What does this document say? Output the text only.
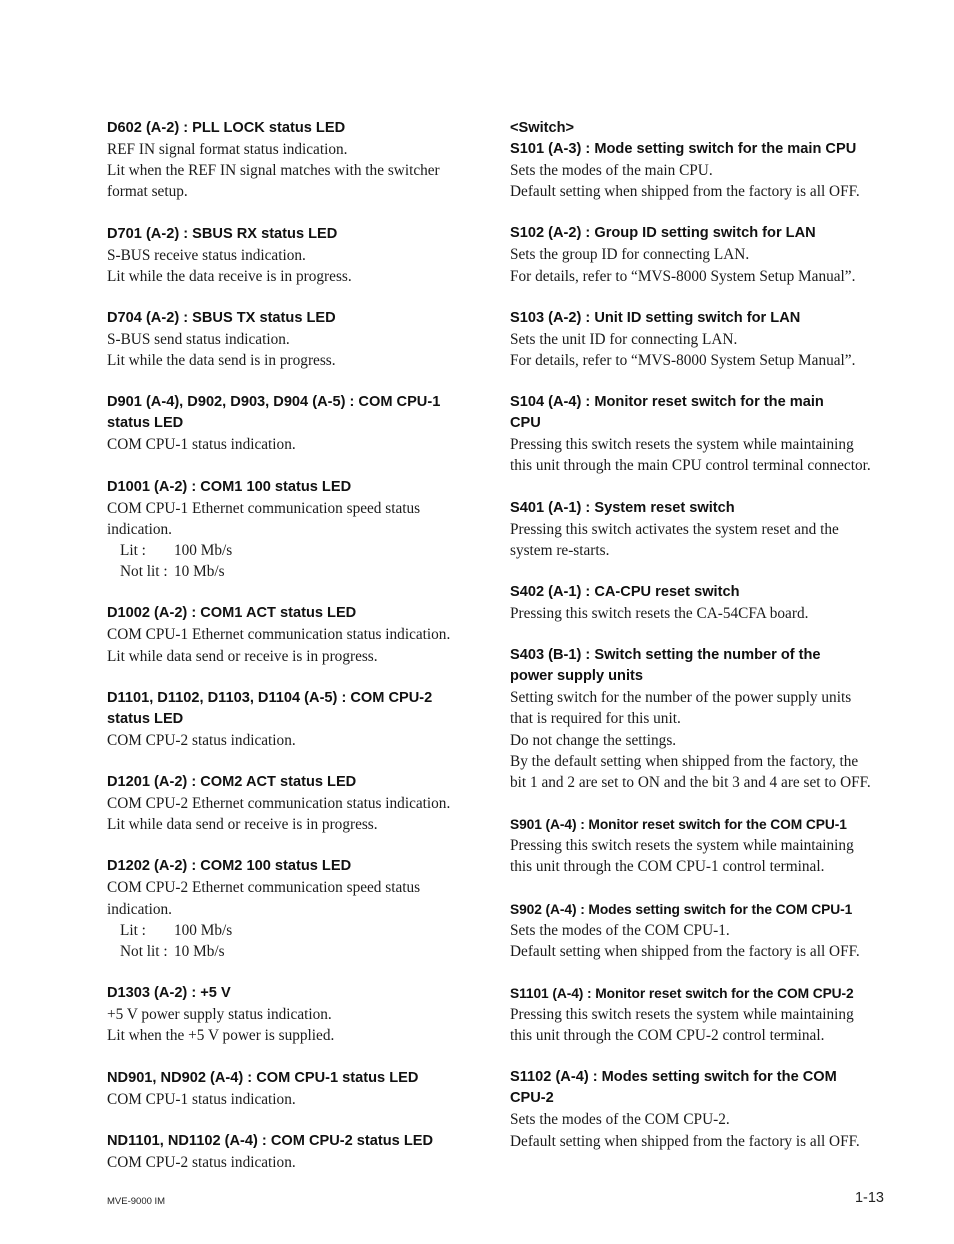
D602 (A-2) : PLL LOCK status LED
REF IN signal format status indication.
Lit when the REF IN signal matches with the switcher
format setup.
D701 (A-2) : SBUS RX status LED
S-BUS receive status indication.
Lit while the data receive is in progress.
D704 (A-2) : SBUS TX status LED
S-BUS send status indication.
Lit while the data send is in progress.
D901 (A-4), D902, D903, D904 (A-5) : COM CPU-1
status LED
COM CPU-1 status indication.
D1001 (A-2) : COM1 100 status LED
COM CPU-1 Ethernet communication speed status
indication.
Lit : 100 Mb/s
Not lit : 10 Mb/s
D1002 (A-2) : COM1 ACT status LED
COM CPU-1 Ethernet communication status indication.
Lit while data send or receive is in progress.
D1101, D1102, D1103, D1104 (A-5) : COM CPU-2
status LED
COM CPU-2 status indication.
D1201 (A-2) : COM2 ACT status LED
COM CPU-2 Ethernet communication status indication.
Lit while data send or receive is in progress.
D1202 (A-2) : COM2 100 status LED
COM CPU-2 Ethernet communication speed status
indication.
Lit : 100 Mb/s
Not lit : 10 Mb/s
D1303 (A-2) : +5 V
+5 V power supply status indication.
Lit when the +5 V power is supplied.
ND901, ND902 (A-4) : COM CPU-1 status LED
COM CPU-1 status indication.
ND1101, ND1102 (A-4) : COM CPU-2 status LED
COM CPU-2 status indication.
<Switch>
S101 (A-3) : Mode setting switch for the main CPU
Sets the modes of the main CPU.
Default setting when shipped from the factory is all OFF.
S102 (A-2) : Group ID setting switch for LAN
Sets the group ID for connecting LAN.
For details, refer to “MVS-8000 System Setup Manual”.
S103 (A-2) : Unit ID setting switch for LAN
Sets the unit ID for connecting LAN.
For details, refer to “MVS-8000 System Setup Manual”.
S104 (A-4) : Monitor reset switch for the main
CPU
Pressing this switch resets the system while maintaining
this unit through the main CPU control terminal connector.
S401 (A-1) : System reset switch
Pressing this switch activates the system reset and the
system re-starts.
S402 (A-1) : CA-CPU reset switch
Pressing this switch resets the CA-54CFA board.
S403 (B-1) : Switch setting the number of the
power supply units
Setting switch for the number of the power supply units
that is required for this unit.
Do not change the settings.
By the default setting when shipped from the factory, the
bit 1 and 2 are set to ON and the bit 3 and 4 are set to OFF.
S901 (A-4) : Monitor reset switch for the COM CPU-1
Pressing this switch resets the system while maintaining
this unit through the COM CPU-1 control terminal.
S902 (A-4) : Modes setting switch for the COM CPU-1
Sets the modes of the COM CPU-1.
Default setting when shipped from the factory is all OFF.
S1101 (A-4) : Monitor reset switch for the COM CPU-2
Pressing this switch resets the system while maintaining
this unit through the COM CPU-2 control terminal.
S1102 (A-4) : Modes setting switch for the COM
CPU-2
Sets the modes of the COM CPU-2.
Default setting when shipped from the factory is all OFF.
MVE-9000 IM	1-13
